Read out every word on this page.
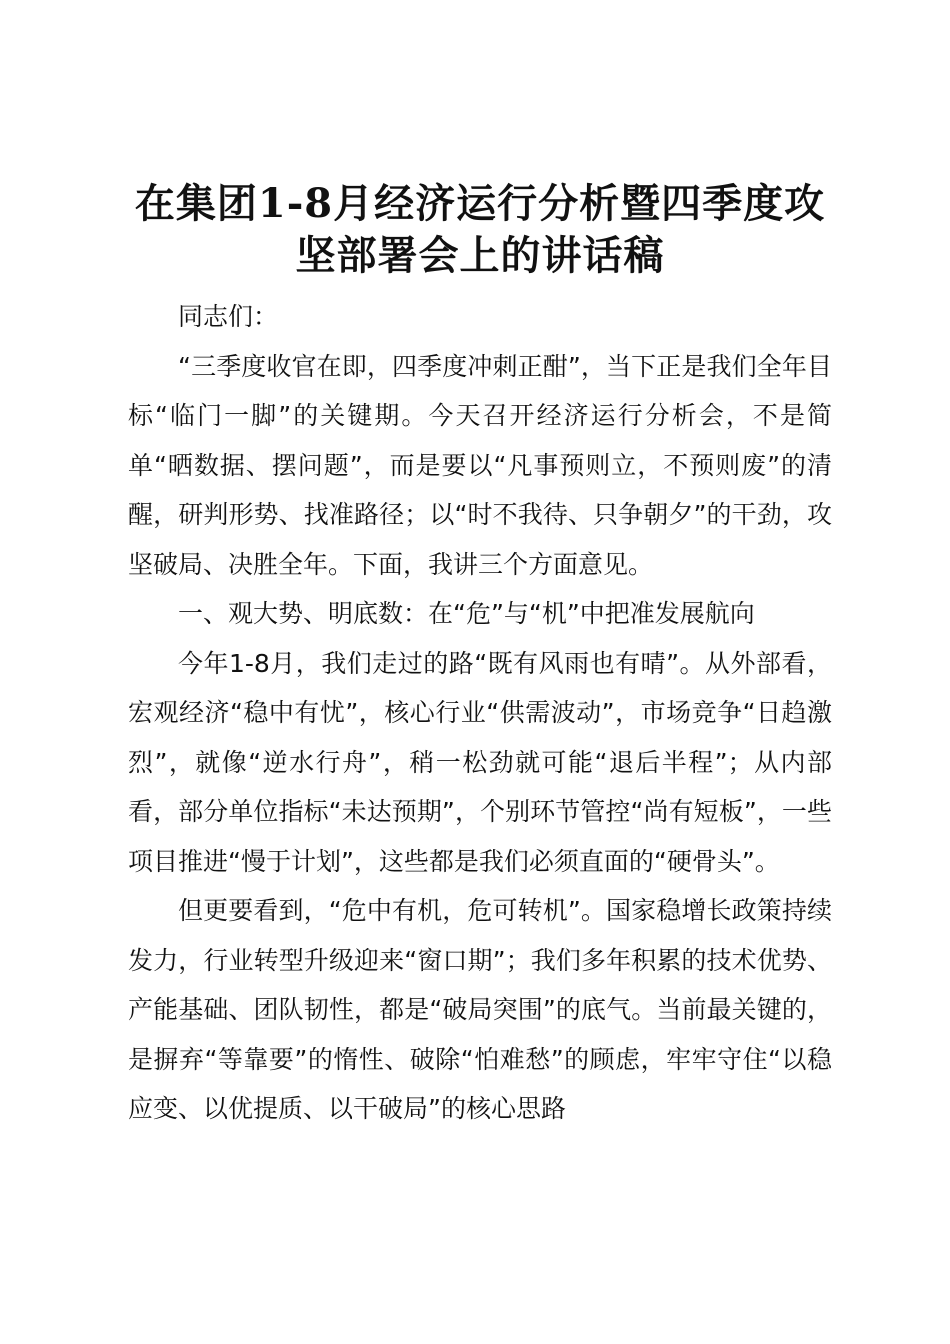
在集团1-8月经济运行分析暨四季度攻坚部署会上的讲话稿

同志们：

“三季度收官在即，四季度冲刺正酣”，当下正是我们全年目标“临门一脚”的关键期。今天召开经济运行分析会，不是简单“晒数据、摆问题”，而是要以“凡事预则立，不预则废”的清醒，研判形势、找准路径；以“时不我待、只争朝夕”的干劲，攻坚破局、决胜全年。下面，我讲三个方面意见。

一、观大势、明底数：在“危”与“机”中把准发展航向

今年1-8月，我们走过的路“既有风雨也有晴”。从外部看，宏观经济“稳中有忧”，核心行业“供需波动”，市场竞争“日趋激烈”，就像“逆水行舟”，稍一松劲就可能“退后半程”；从内部看，部分单位指标“未达预期”，个别环节管控“尚有短板”，一些项目推进“慢于计划”，这些都是我们必须直面的“硬骨头”。

但更要看到，“危中有机，危可转机”。国家稳增长政策持续发力，行业转型升级迎来“窗口期”；我们多年积累的技术优势、产能基础、团队韧性，都是“破局突围”的底气。当前最关键的，是摒弃“等靠要”的惰性、破除“怕难愁”的顾虑，牢牢守住“以稳应变、以优提质、以干破局”的核心思路
